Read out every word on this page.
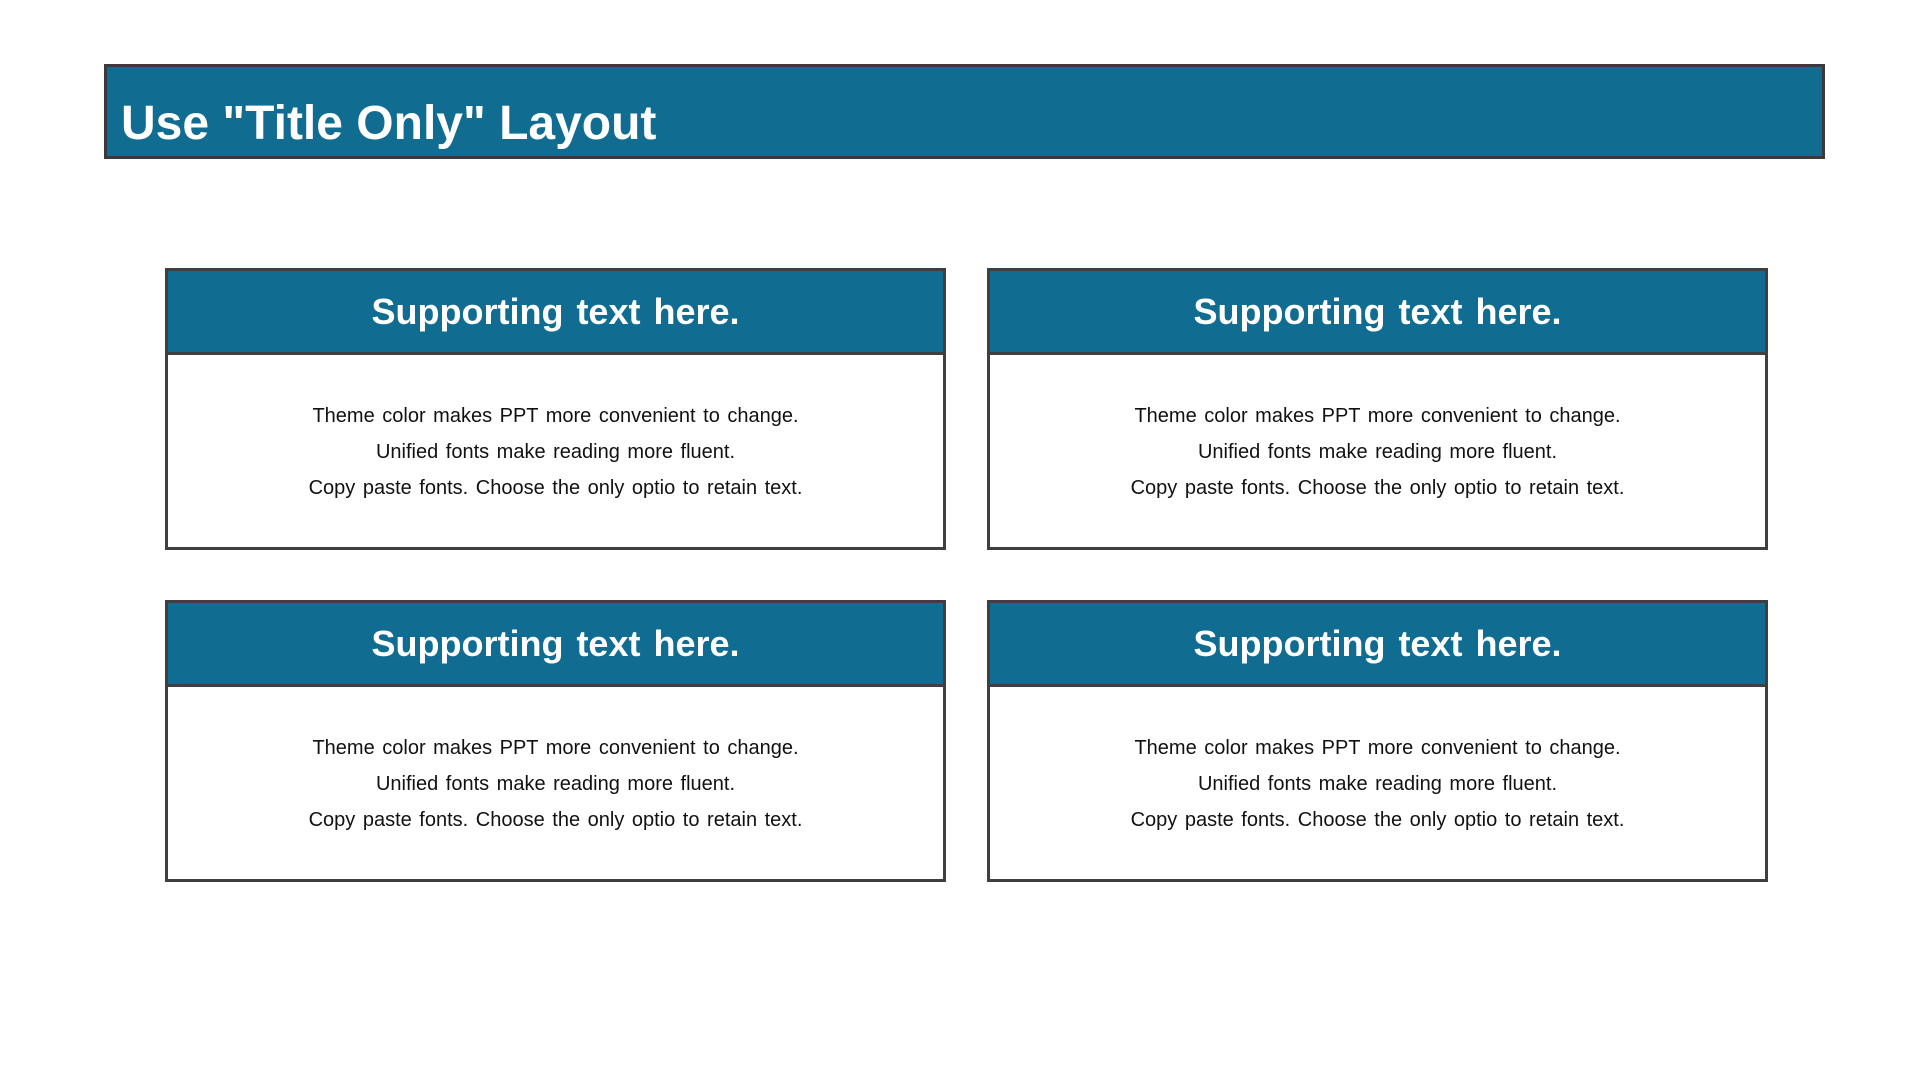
Use "Title Only" Layout
Supporting text here.
Theme color makes PPT more convenient to change.
Unified fonts make reading more fluent.
Copy paste fonts. Choose the only optio to retain text.
Supporting text here.
Theme color makes PPT more convenient to change.
Unified fonts make reading more fluent.
Copy paste fonts. Choose the only optio to retain text.
Supporting text here.
Theme color makes PPT more convenient to change.
Unified fonts make reading more fluent.
Copy paste fonts. Choose the only optio to retain text.
Supporting text here.
Theme color makes PPT more convenient to change.
Unified fonts make reading more fluent.
Copy paste fonts. Choose the only optio to retain text.
